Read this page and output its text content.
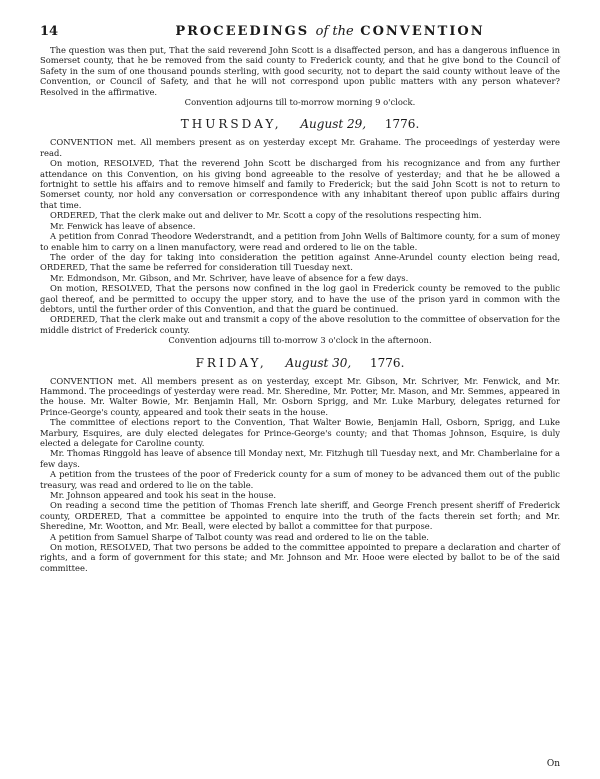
14	PROCEEDINGS of the CONVENTION

The question was then put, That the said reverend John Scott is a disaffected person, and has a dangerous influence in Somerset county, that he be removed from the said county to Frederick county, and that he give bond to the Council of Safety in the sum of one thousand pounds sterling, with good security, not to depart the said county without leave of the Convention, or Council of Safety, and that he will not correspond upon public matters with any person whatever? Resolved in the affirmative.

Convention adjourns till to-morrow morning 9 o'clock.

THURSDAY, August 29, 1776.

CONVENTION met. All members present as on yesterday except Mr. Grahame. The proceedings of yesterday were read.

On motion, RESOLVED, That the reverend John Scott be discharged from his recognizance and from any further attendance on this Convention, on his giving bond agreeable to the resolve of yesterday; and that he be allowed a fortnight to settle his affairs and to remove himself and family to Frederick; but the said John Scott is not to return to Somerset county, nor hold any conversation or correspondence with any inhabitant thereof upon public affairs during that time.

ORDERED, That the clerk make out and deliver to Mr. Scott a copy of the resolutions respecting him.

Mr. Fenwick has leave of absence.

A petition from Conrad Theodore Wederstrandt, and a petition from John Wells of Baltimore county, for a sum of money to enable him to carry on a linen manufactory, were read and ordered to lie on the table.

The order of the day for taking into consideration the petition against Anne-Arundel county election being read, ORDERED, That the same be referred for consideration till Tuesday next.

Mr. Edmondson, Mr. Gibson, and Mr. Schriver, have leave of absence for a few days.

On motion, RESOLVED, That the persons now confined in the log gaol in Frederick county be removed to the public gaol thereof, and be permitted to occupy the upper story, and to have the use of the prison yard in common with the debtors, until the further order of this Convention, and that the guard be continued.

ORDERED, That the clerk make out and transmit a copy of the above resolution to the committee of observation for the middle district of Frederick county.

Convention adjourns till to-morrow 3 o'clock in the afternoon.

FRIDAY, August 30, 1776.

CONVENTION met. All members present as on yesterday, except Mr. Gibson, Mr. Schriver, Mr. Fenwick, and Mr. Hammond. The proceedings of yesterday were read. Mr. Sheredine, Mr. Potter, Mr. Mason, and Mr. Semmes, appeared in the house. Mr. Walter Bowie, Mr. Benjamin Hall, Mr. Osborn Sprigg, and Mr. Luke Marbury, delegates returned for Prince-George's county, appeared and took their seats in the house.

The committee of elections report to the Convention, That Walter Bowie, Benjamin Hall, Osborn, Sprigg, and Luke Marbury, Esquires, are duly elected delegates for Prince-George's county; and that Thomas Johnson, Esquire, is duly elected a delegate for Caroline county.

Mr. Thomas Ringgold has leave of absence till Monday next, Mr. Fitzhugh till Tuesday next, and Mr. Chamberlaine for a few days.

A petition from the trustees of the poor of Frederick county for a sum of money to be advanced them out of the public treasury, was read and ordered to lie on the table.

Mr. Johnson appeared and took his seat in the house.

On reading a second time the petition of Thomas French late sheriff, and George French present sheriff of Frederick county, ORDERED, That a committee be appointed to enquire into the truth of the facts therein set forth; and Mr. Sheredine, Mr. Wootton, and Mr. Beall, were elected by ballot a committee for that purpose.

A petition from Samuel Sharpe of Talbot county was read and ordered to lie on the table.

On motion, RESOLVED, That two persons be added to the committee appointed to prepare a declaration and charter of rights, and a form of government for this state; and Mr. Johnson and Mr. Hooe were elected by ballot to be of the said committee.

On
